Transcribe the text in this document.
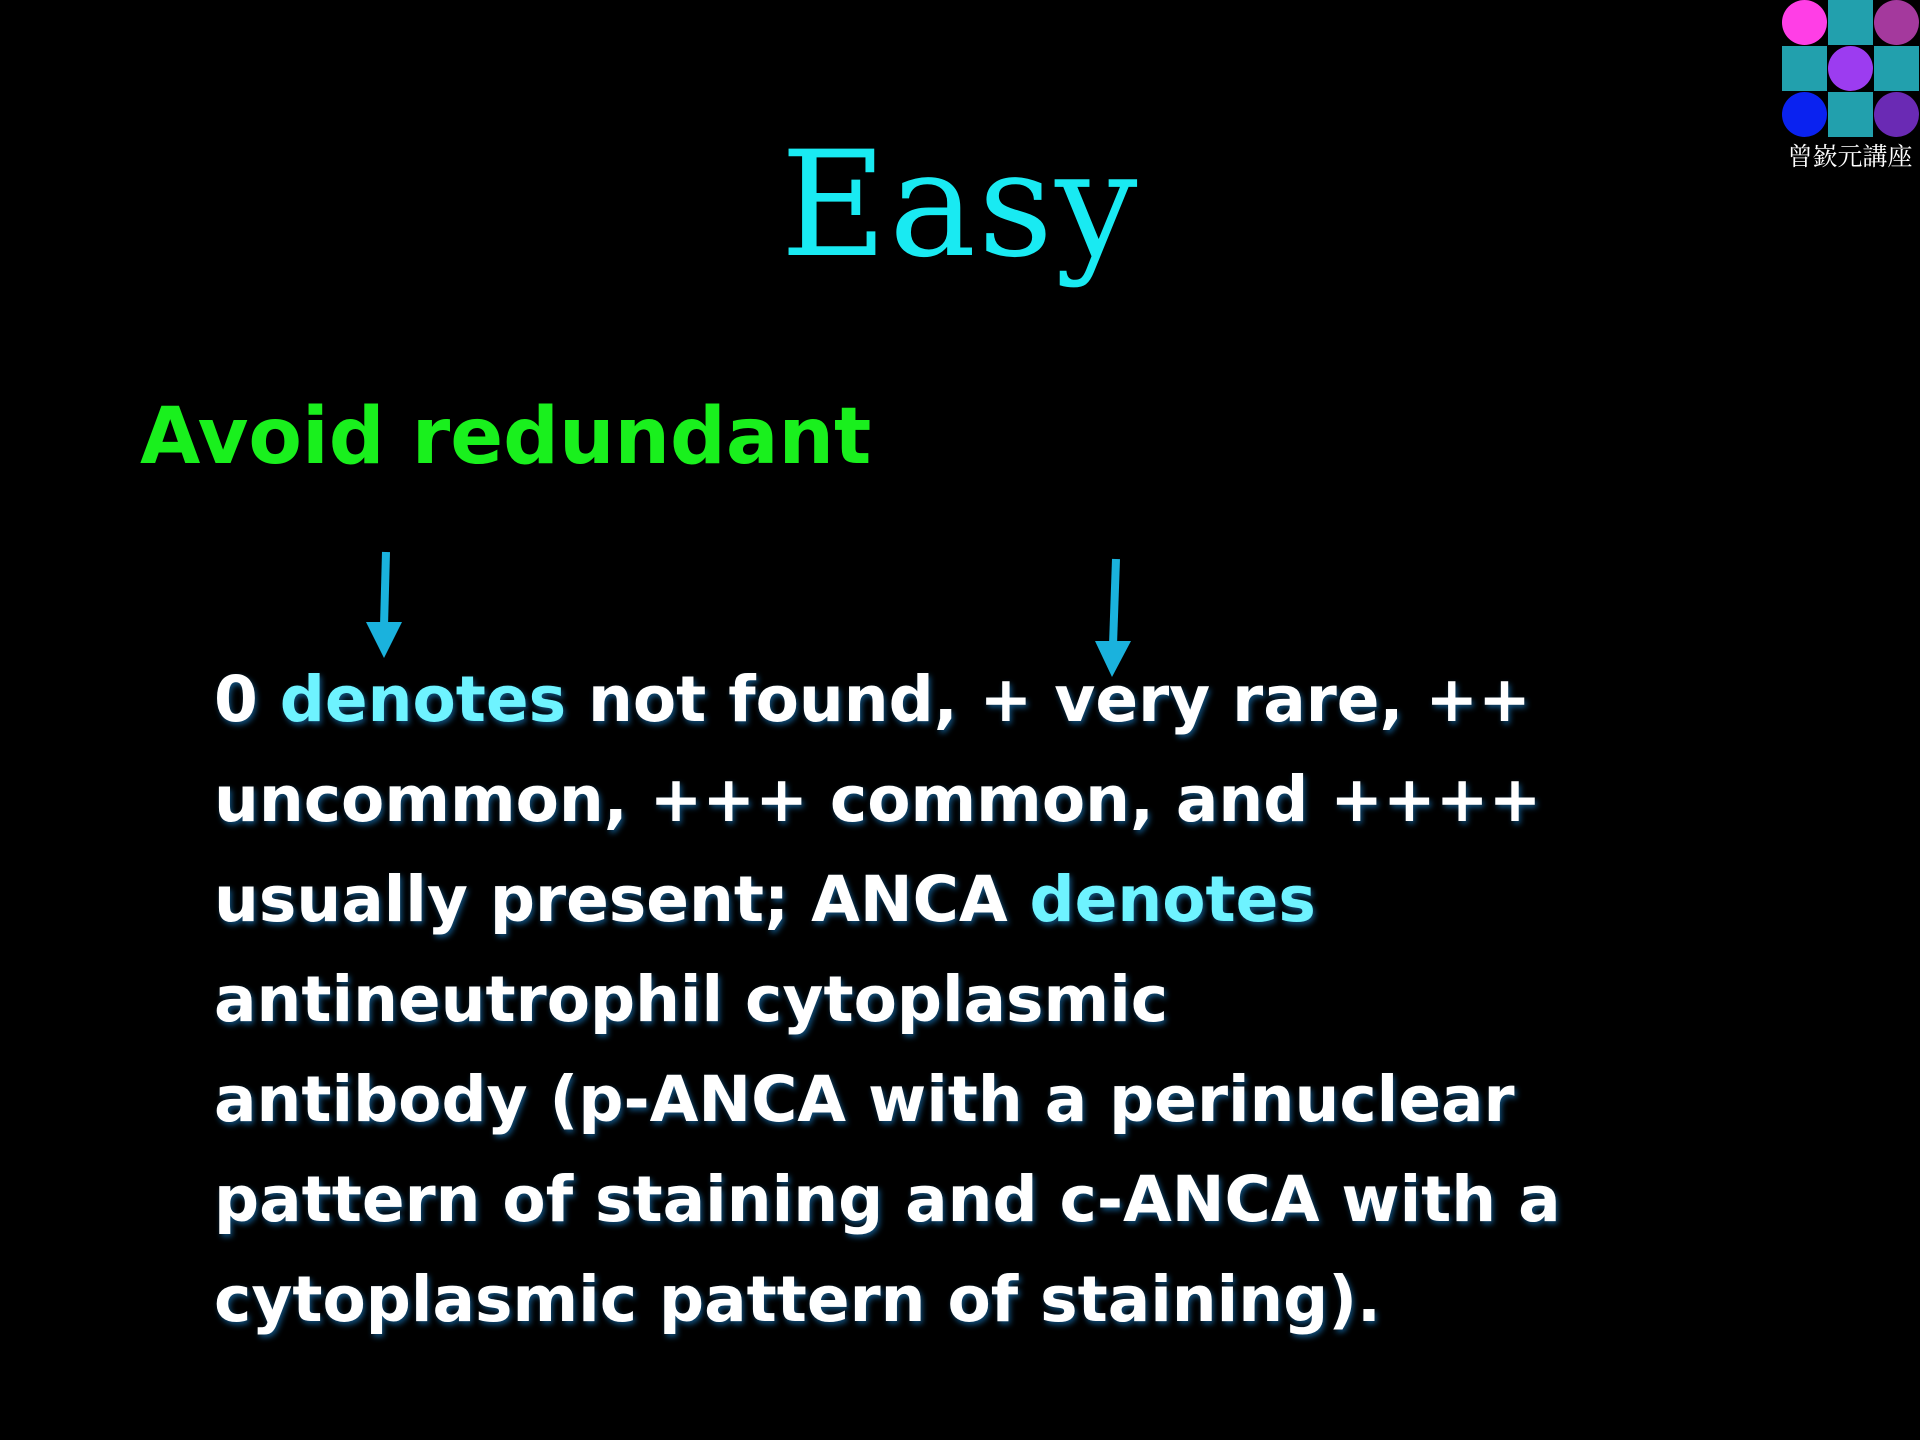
曾嶔元講座
Easy
Avoid redundant
0 denotes not found, + very rare, ++
uncommon, +++ common, and ++++
usually present; ANCA denotes
antineutrophil cytoplasmic
antibody (p-ANCA with a perinuclear
pattern of staining and c-ANCA with a
cytoplasmic pattern of staining).
